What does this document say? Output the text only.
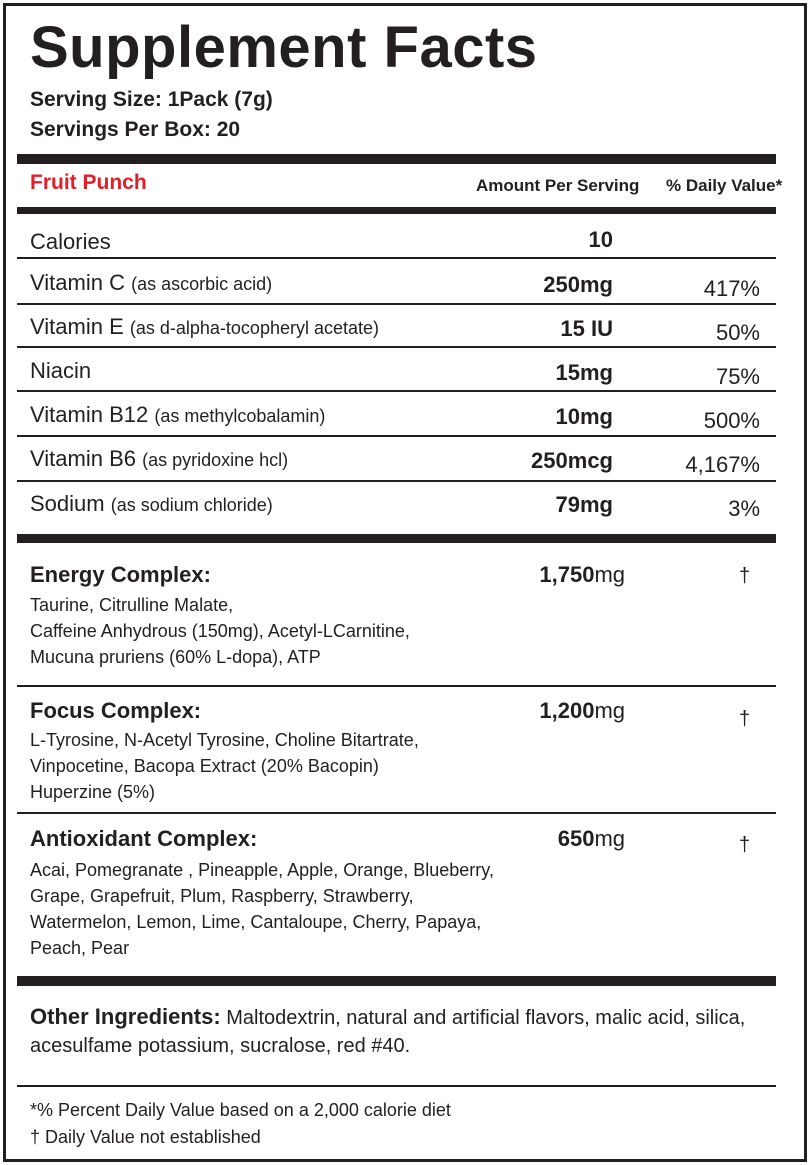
Supplement Facts
Serving Size: 1Pack (7g)
Servings Per Box: 20
Fruit Punch	Amount Per Serving % Daily Value*
Calories	10
Vitamin C (as ascorbic acid)	250mg	417%
Vitamin E (as d-alpha-tocopheryl acetate)	15 IU	50%
Niacin	15mg	75%
Vitamin B12 (as methylcobalamin)	10mg	500%
Vitamin B6 (as pyridoxine hcl)	250mcg	4,167%
Sodium (as sodium chloride)	79mg	3%
Energy Complex:	1,750mg	†
Taurine, Citrulline Malate,
Caffeine Anhydrous (150mg), Acetyl-LCarnitine,
Mucuna pruriens (60% L-dopa), ATP
Focus Complex:	1,200mg	†
L-Tyrosine, N-Acetyl Tyrosine, Choline Bitartrate,
Vinpocetine, Bacopa Extract (20% Bacopin)
Huperzine (5%)
Antioxidant Complex:	650mg	†
Acai, Pomegranate , Pineapple, Apple, Orange, Blueberry,
Grape, Grapefruit, Plum, Raspberry, Strawberry,
Watermelon, Lemon, Lime, Cantaloupe, Cherry, Papaya,
Peach, Pear
Other Ingredients: Maltodextrin, natural and artificial flavors, malic acid, silica, acesulfame potassium, sucralose, red #40.
*% Percent Daily Value based on a 2,000 calorie diet
† Daily Value not established
